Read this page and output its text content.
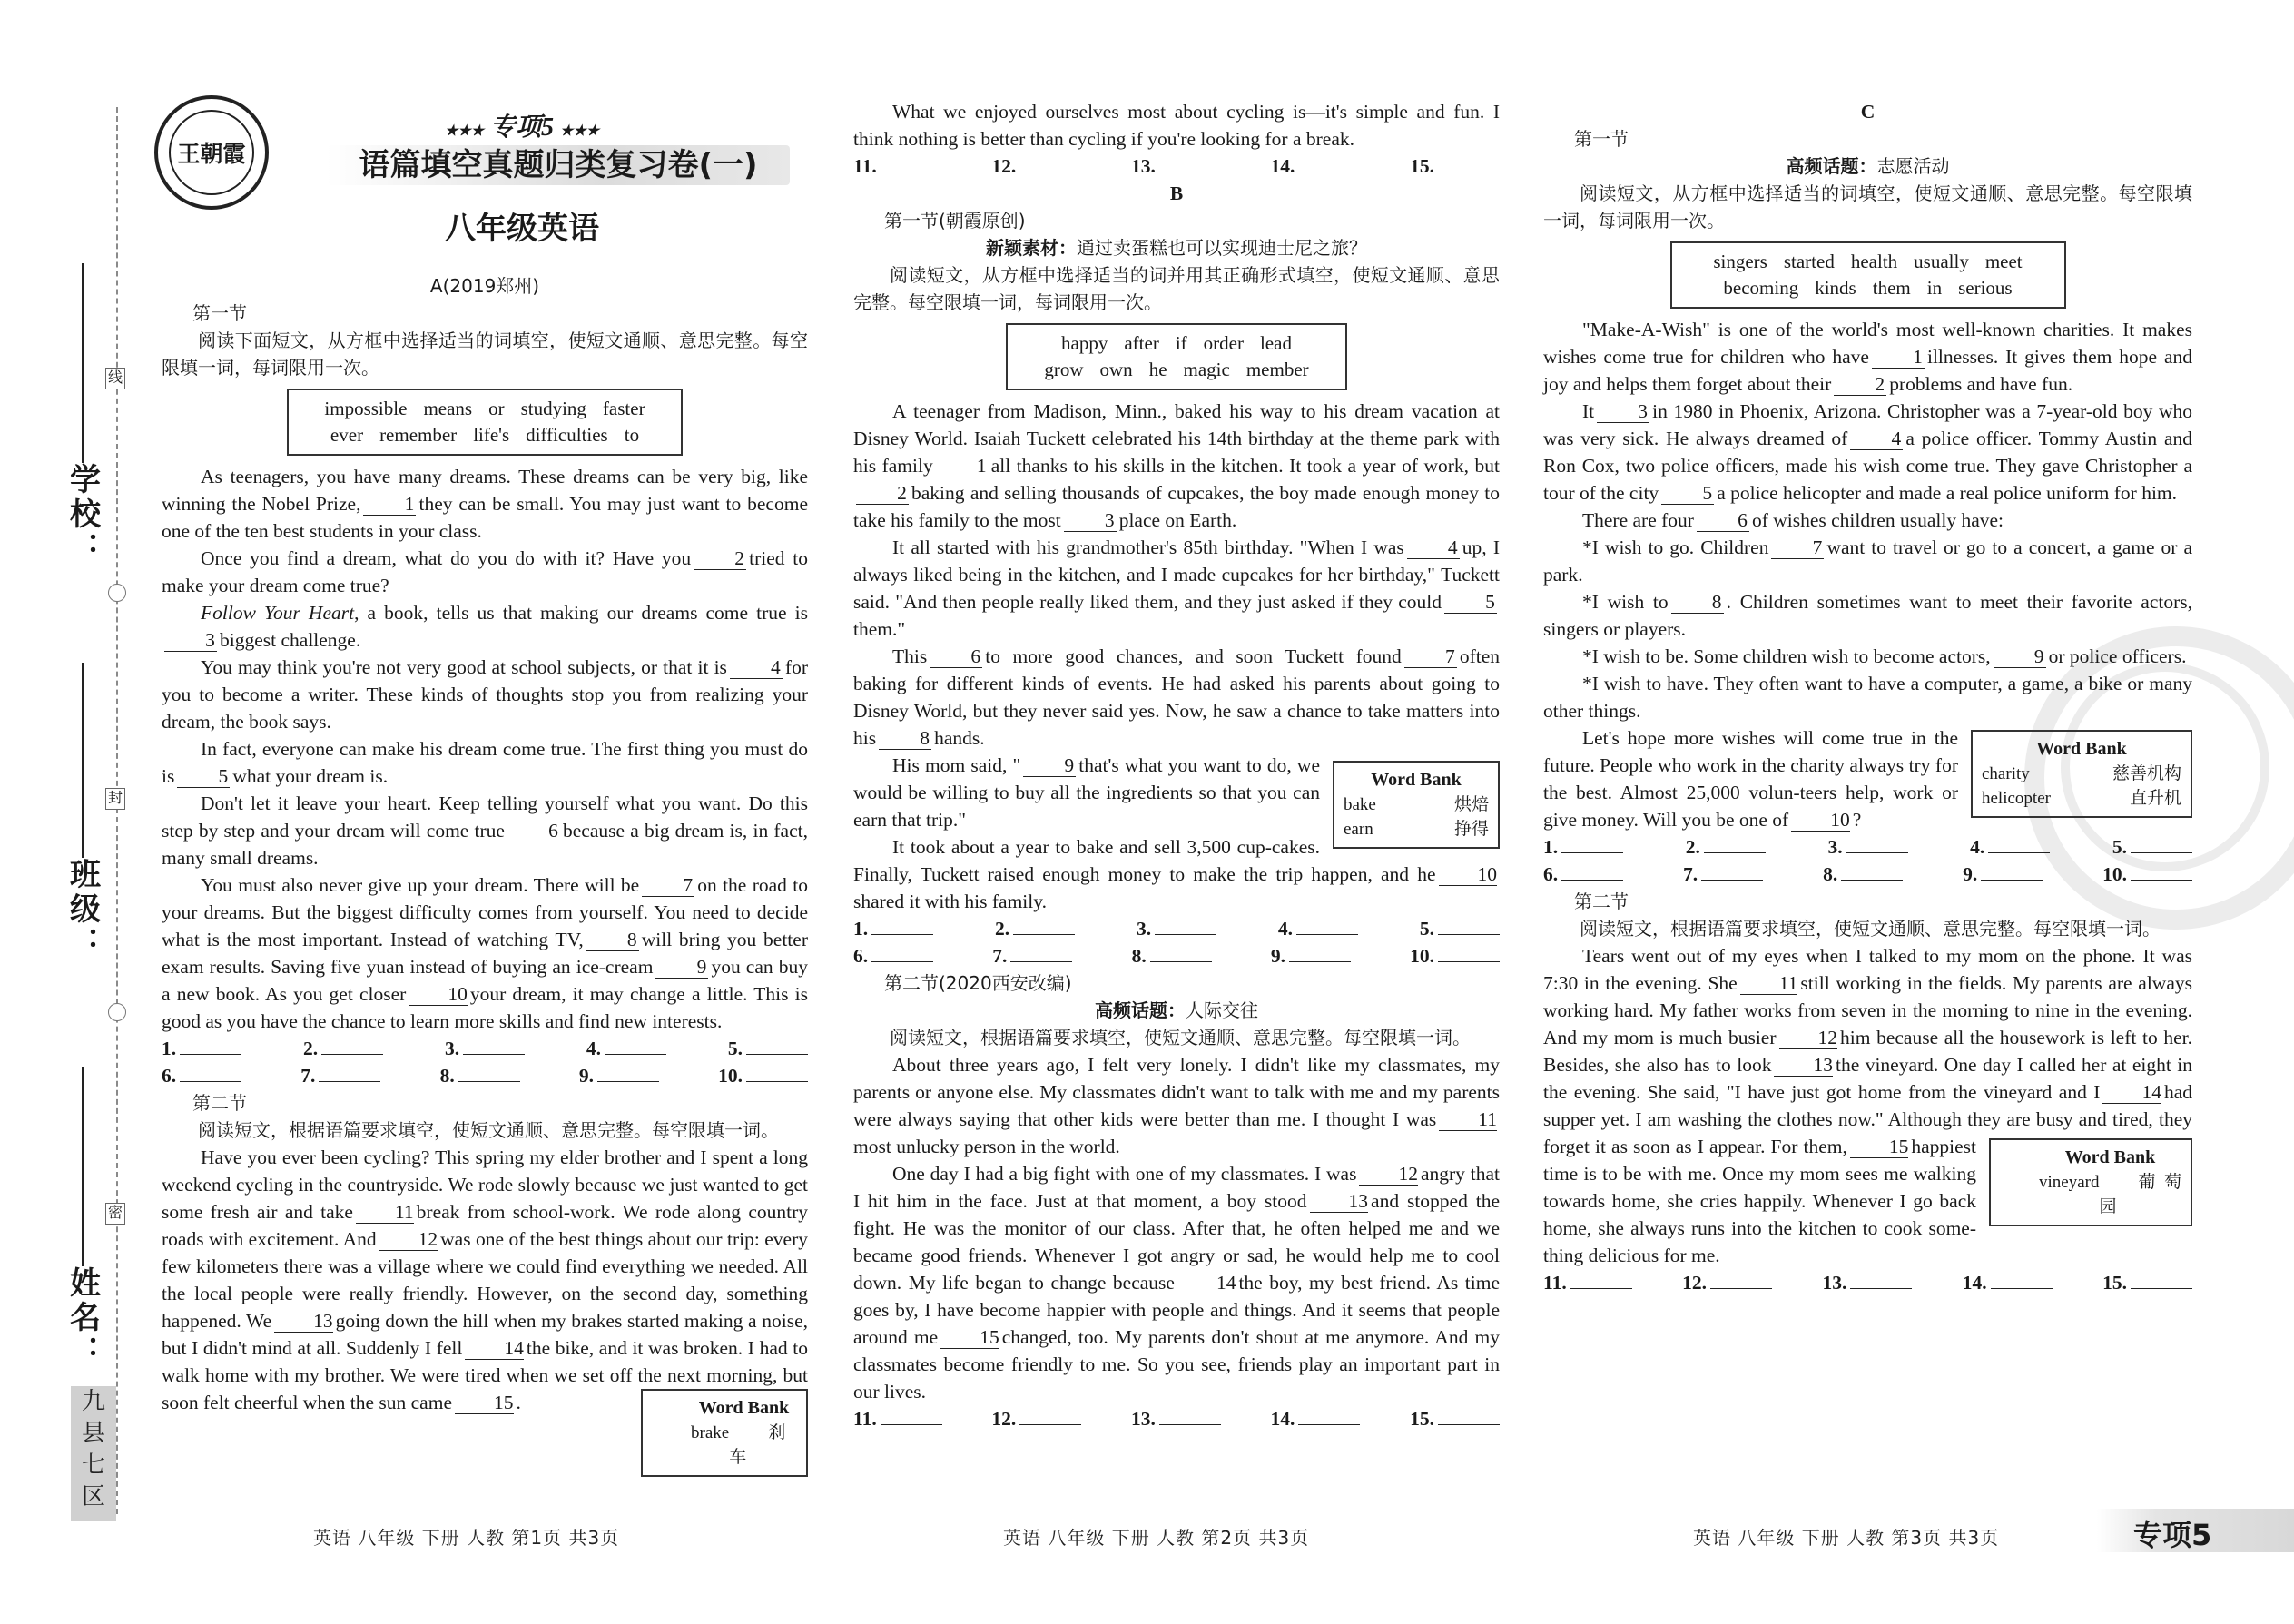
线
封
密
学校：
班级：
姓名：
九
县
七
区
王朝霞
★★★ 专项5 ★★★
语篇填空真题归类复习卷(一)
八年级英语
A(2019郑州)
第一节

阅读下面短文，从方框中选择适当的词填空，使短文通顺、意思完整。每空限填一词，每词限用一次。

impossible means or studying faster
ever remember life's difficulties to

As teenagers, you have many dreams. These dreams can be very big, like winning the Nobel Prize, 1 they can be small. You may just want to become one of the ten best students in your class.

Once you find a dream, what do you do with it? Have you 2 tried to make your dream come true?

Follow Your Heart, a book, tells us that making our dreams come true is3 biggest challenge.

You may think you're not very good at school subjects, or that it is 4 for you to become a writer. These kinds of thoughts stop you from realizing your dream, the book says.

In fact, everyone can make his dream come true. The first thing you must do is 5 what your dream is.

Don't let it leave your heart. Keep telling yourself what you want. Do this step by step and your dream will come true 6 because a big dream is, in fact, many small dreams.

You must also never give up your dream. There will be 7 on the road to your dreams. But the biggest difficulty comes from yourself. You need to decide what is the most important. Instead of watching TV, 8 will bring you better exam results. Saving five yuan instead of buying an ice-cream 9 you can buy a new book. As you get closer 10 your dream, it may change a little. This is good as you have the chance to learn more skills and find new interests.

1.	2.	3.	4.	5.
6.	7.	8.	9.	10.
第二节

阅读短文，根据语篇要求填空，使短文通顺、意思完整。每空限填一词。

Have you ever been cycling? This spring my elder brother and I spent a long weekend cycling in the countryside. We rode slowly because we just wanted to get some fresh air and take 11 break from school-work. We rode along country roads with excitement. And 12 was one of the best things about our trip: every few kilometers there was a village where we could find everything we needed. All the local people were really friendly. However, on the second day, something happened. We 13 going down the hill when my brakes started making a noise, but I didn't mind at all. Suddenly I fell 14 the bike, and it was broken. I had to walk home with my brother. We were tired when we set off the next morning, but soon felt cheerful when the sun came	Word Bank
brake	刹车
15 .

英语 八年级 下册 人教 第1页 共3页

What we enjoyed ourselves most about cycling is—it's simple and fun. I think nothing is better than cycling if you're looking for a break.

11.	12.	13.	14.	15.
B
第一节(朝霞原创)
新颖素材：通过卖蛋糕也可以实现迪士尼之旅？

阅读短文，从方框中选择适当的词并用其正确形式填空，使短文通顺、意思完整。每空限填一词，每词限用一次。

happy after if order lead
grow own he magic member

A teenager from Madison, Minn., baked his way to his dream vacation at Disney World. Isaiah Tuckett celebrated his 14th birthday at the theme park with his family 1 all thanks to his skills in the kitchen. It took a year of work, but2 baking and selling thousands of cupcakes, the boy made enough money to take his family to the most 3 place on Earth.

It all started with his grandmother's 85th birthday. "When I was 4 up, I always liked being in the kitchen, and I made cupcakes for her birthday," Tuckett said. "And then people really liked them, and they just asked if they could 5them."

This 6 to more good chances, and soon Tuckett found 7 often baking for different kinds of events. He had asked his parents about going to Disney World, but they never said yes. Now, he saw a chance to take matters into his 8 hands.

Word Bank
bake	烘焙
earn	挣得

His mom said, " 9 that's what you want to do, we would be willing to buy all the ingredients so that you can earn that trip."

It took about a year to bake and sell 3,500 cup-cakes. Finally, Tuckett raised enough money to make the trip happen, and he 10shared it with his family.

1.	2.	3.	4.	5.
6.	7.	8.	9.	10.
第二节(2020西安改编)
高频话题：人际交往

阅读短文，根据语篇要求填空，使短文通顺、意思完整。每空限填一词。

About three years ago, I felt very lonely. I didn't like my classmates, my parents or anyone else. My classmates didn't want to talk with me and my parents were always saying that other kids were better than me. I thought I was 11most unlucky person in the world.

One day I had a big fight with one of my classmates. I was 12 angry that I hit him in the face. Just at that moment, a boy stood 13 and stopped the fight. He was the monitor of our class. After that, he often helped me and we became good friends. Whenever I got angry or sad, he would help me to cool down. My life began to change because 14 the boy, my best friend. As time goes by, I have become happier with people and things. And it seems that people around me 15 changed, too. My parents don't shout at me anymore. And my classmates become friendly to me. So you see, friends play an important part in our lives.

11.	12.	13.	14.	15.
英语 八年级 下册 人教 第2页 共3页
C
第一节
高频话题：志愿活动

阅读短文，从方框中选择适当的词填空，使短文通顺、意思完整。每空限填一词，每词限用一次。

singers started health usually meet
becoming kinds them in serious

"Make-A-Wish" is one of the world's most well-known charities. It makes wishes come true for children who have 1 illnesses. It gives them hope and joy and helps them forget about their 2 problems and have fun.

It 3 in 1980 in Phoenix, Arizona. Christopher was a 7-year-old boy who was very sick. He always dreamed of 4 a police officer. Tommy Austin and Ron Cox, two police officers, made his wish come true. They gave Christopher a tour of the city 5 a police helicopter and made a real police uniform for him.

There are four 6 of wishes children usually have:

*I wish to go. Children 7 want to travel or go to a concert, a game or a park.

*I wish to 8 . Children sometimes want to meet their favorite actors, singers or players.

*I wish to be. Some children wish to become actors, 9 or police officers.

*I wish to have. They often want to have a computer, a game, a bike or many other things.

Word Bank
charity	慈善机构
helicopter	直升机

Let's hope more wishes will come true in the future. People who work in the charity always try for the best. Almost 25,000 volun-teers help, work or give money. Will you be one of 10 ?

1.	2.	3.	4.	5.
6.	7.	8.	9.	10.
第二节

阅读短文，根据语篇要求填空，使短文通顺、意思完整。每空限填一词。

Tears went out of my eyes when I talked to my mom on the phone. It was 7:30 in the evening. She 11 still working in the fields. My parents are always working hard. My father works from seven in the morning to nine in the evening. And my mom is much busier 12 him because all the housework is left to her. Besides, she also has to look 13 the vineyard. One day I called her at eight in the evening. She said, "I have just got home from the vineyard and I 14 had supper yet. I am washing the clothes now." Although they are busy and tired, they forget it as soon as I appear. For them,	Word Bank
vineyard	葡萄园
15 happiest time is to be with me. Once my mom sees me walking towards home, she cries happily. Whenever I go back home, she always runs into the kitchen to cook some-thing delicious for me.

11.	12.	13.	14.	15.
英语 八年级 下册 人教 第3页 共3页	专项5
